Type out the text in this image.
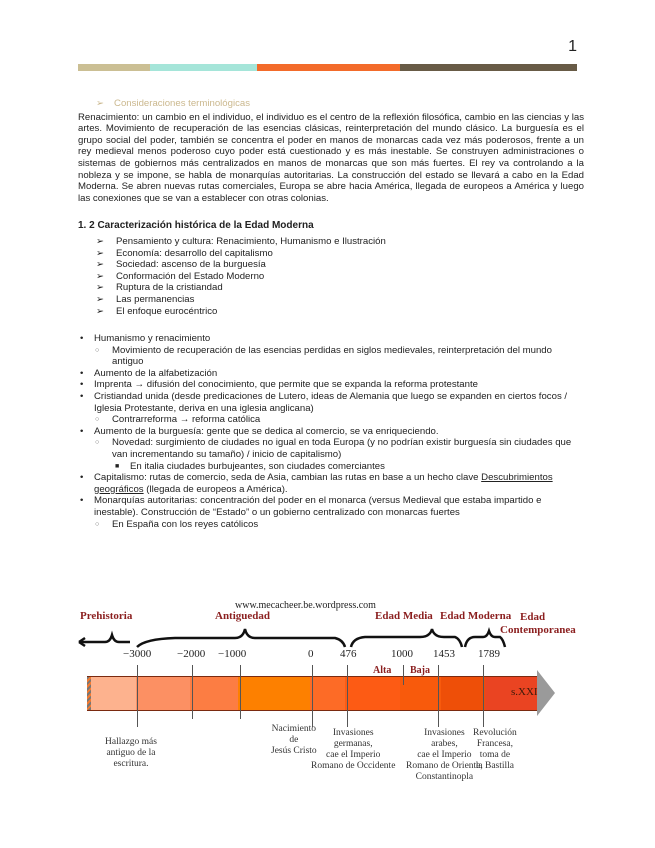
1
➢ Consideraciones terminológicas

Renacimiento: un cambio en el individuo, el individuo es el centro de la reflexión filosófica, cambio en las ciencias y las artes. Movimiento de recuperación de las esencias clásicas, reinterpretación del mundo clásico. La burguesía es el grupo social del poder, también se concentra el poder en manos de monarcas cada vez más poderosos, frente a un rey medieval menos poderoso cuyo poder está cuestionado y es más inestable. Se construyen administraciones o sistemas de gobiernos más centralizados en manos de monarcas que son más fuertes. El rey va controlando a la nobleza y se impone, se habla de monarquías autoritarias. La construcción del estado se llevará a cabo en la Edad Moderna. Se abren nuevas rutas comerciales, Europa se abre hacia América, llegada de europeos a América y luego las conexiones que se van a establecer con otras colonias.

1. 2 Caracterización histórica de la Edad Moderna
➢	Pensamiento y cultura: Renacimiento, Humanismo e Ilustración
➢	Economía: desarrollo del capitalismo
➢	Sociedad: ascenso de la burguesía
➢	Conformación del Estado Moderno
➢	Ruptura de la cristiandad
➢	Las permanencias
➢	El enfoque eurocéntrico
• Humanismo y renacimiento
○ Movimiento de recuperación de las esencias perdidas en siglos medievales, reinterpretación del mundo antiguo
• Aumento de la alfabetización
• Imprenta → difusión del conocimiento, que permite que se expanda la reforma protestante
• Cristiandad unida (desde predicaciones de Lutero, ideas de Alemania que luego se expanden en ciertos focos / Iglesia Protestante, deriva en una iglesia anglicana)
○ Contrarreforma → reforma católica
• Aumento de la burguesía: gente que se dedica al comercio, se va enriqueciendo.
○ Novedad: surgimiento de ciudades no igual en toda Europa (y no podrían existir burguesía sin ciudades que van incrementando su tamaño) / inicio de capitalismo)
■ En italia ciudades burbujeantes, son ciudades comerciantes
• Capitalismo: rutas de comercio, seda de Asia, cambian las rutas en base a un hecho clave Descubrimientos geográficos (llegada de europeos a América).
• Monarquías autoritarias: concentración del poder en el monarca (versus Medieval que estaba impartido e inestable). Construcción de “Estado” o un gobierno centralizado con monarcas fuertes
○ En España con los reyes católicos
www.mecacheer.be.wordpress.com
Prehistoria	Antiguedad	Edad Media Edad Moderna Edad
Contemporanea
−3000 −2000 −1000	0 476	1000 1453 1789
Alta Baja
s.XXI
Hallazgo más
antiguo de la
escritura.
Nacimiento
de
Jesús Cristo
Invasiones
germanas,
cae el Imperio
Romano de Occidente
Invasiones
arabes,
cae el Imperio
Romano de Oriente,
Constantinopla
Revolución
Francesa,
toma de
la Bastilla
